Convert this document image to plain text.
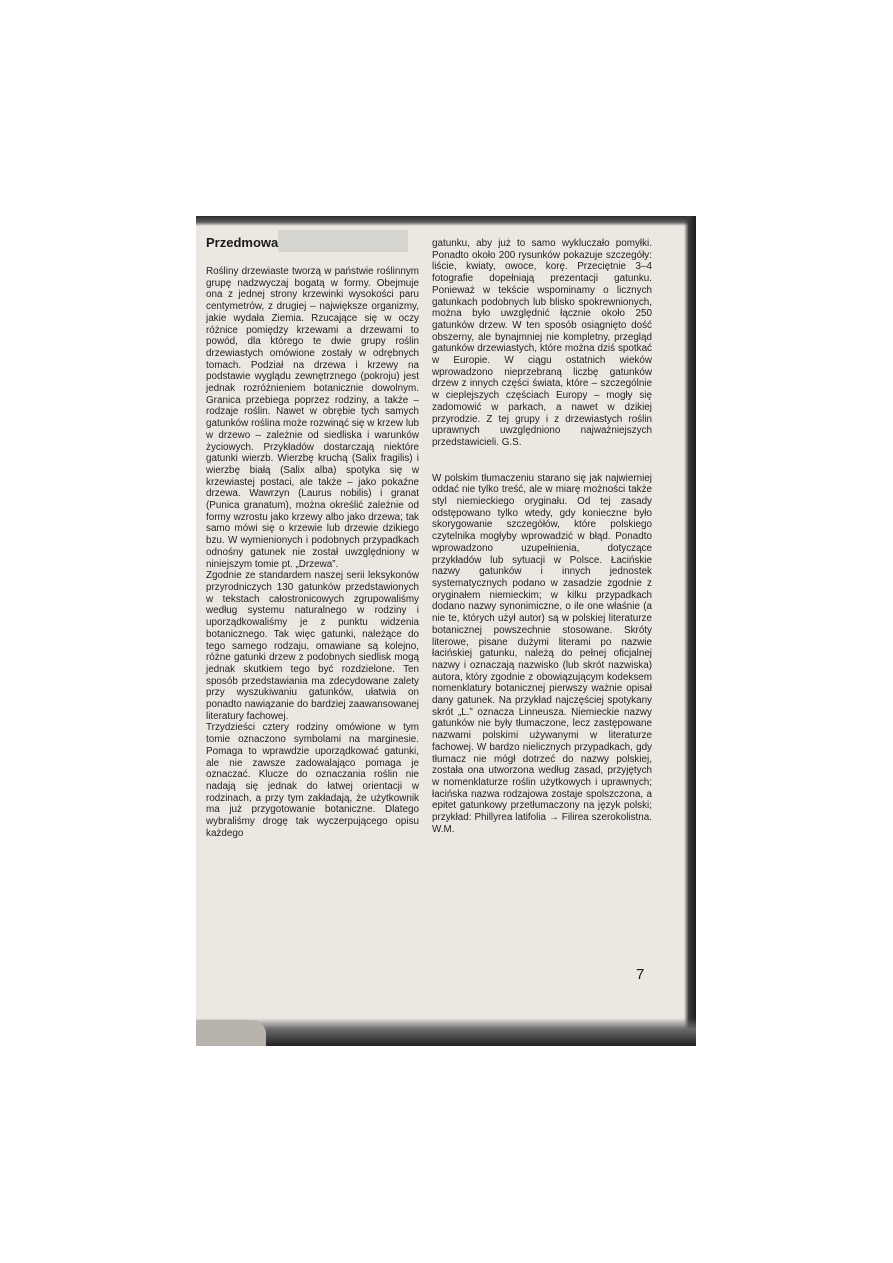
Przedmowa

Rośliny drzewiaste tworzą w państwie roślinnym grupę nadzwyczaj bogatą w formy. Obejmuje ona z jednej strony krzewinki wysokości paru centymetrów, z drugiej – największe organizmy, jakie wydała Ziemia. Rzucające się w oczy różnice pomiędzy krzewami a drzewami to powód, dla którego te dwie grupy roślin drzewiastych omówione zostały w odrębnych tomach. Podział na drzewa i krzewy na podstawie wyglądu zewnętrznego (pokroju) jest jednak rozróżnieniem botanicznie dowolnym. Granica przebiega poprzez rodziny, a także – rodzaje roślin. Nawet w obrębie tych samych gatunków roślina może rozwinąć się w krzew lub w drzewo – zależnie od siedliska i warunków życiowych. Przykładów dostarczają niektóre gatunki wierzb. Wierzbę kruchą (Salix fragilis) i wierzbę białą (Salix alba) spotyka się w krzewiastej postaci, ale także – jako pokaźne drzewa. Wawrzyn (Laurus nobilis) i granat (Punica granatum), można określić zależnie od formy wzrostu jako krzewy albo jako drzewa; tak samo mówi się o krzewie lub drzewie dzikiego bzu. W wymienionych i podobnych przypadkach odnośny gatunek nie został uwzględniony w niniejszym tomie pt. „Drzewa”.

Zgodnie ze standardem naszej serii leksykonów przyrodniczych 130 gatunków przedstawionych w tekstach całostronicowych zgrupowaliśmy według systemu naturalnego w rodziny i uporządkowaliśmy je z punktu widzenia botanicznego. Tak więc gatunki, należące do tego samego rodzaju, omawiane są kolejno, różne gatunki drzew z podobnych siedlisk mogą jednak skutkiem tego być rozdzielone. Ten sposób przedstawiania ma zdecydowane zalety przy wyszukiwaniu gatunków, ułatwia on ponadto nawiązanie do bardziej zaawansowanej literatury fachowej.

Trzydzieści cztery rodziny omówione w tym tomie oznaczono symbolami na marginesie. Pomaga to wprawdzie uporządkować gatunki, ale nie zawsze zadowalająco pomaga je oznaczać. Klucze do oznaczania roślin nie nadają się jednak do łatwej orientacji w rodzinach, a przy tym zakładają, że użytkownik ma już przygotowanie botaniczne. Dlatego wybraliśmy drogę tak wyczerpującego opisu każdego

gatunku, aby już to samo wykluczało pomyłki. Ponadto około 200 rysunków pokazuje szczegóły: liście, kwiaty, owoce, korę. Przeciętnie 3–4 fotografie dopełniają prezentacji gatunku. Ponieważ w tekście wspominamy o licznych gatunkach podobnych lub blisko spokrewnionych, można było uwzględnić łącznie około 250 gatunków drzew. W ten sposób osiągnięto dość obszerny, ale bynajmniej nie kompletny, przegląd gatunków drzewiastych, które można dziś spotkać w Europie. W ciągu ostatnich wieków wprowadzono nieprzebraną liczbę gatunków drzew z innych części świata, które – szczególnie w cieplejszych częściach Europy – mogły się zadomowić w parkach, a nawet w dzikiej przyrodzie. Z tej grupy i z drzewiastych roślin uprawnych uwzględniono najważniejszych przedstawicieli. G.S.

W polskim tłumaczeniu starano się jak najwierniej oddać nie tylko treść, ale w miarę możności także styl niemieckiego oryginału. Od tej zasady odstępowano tylko wtedy, gdy konieczne było skorygowanie szczegółów, które polskiego czytelnika mogłyby wprowadzić w błąd. Ponadto wprowadzono uzupełnienia, dotyczące przykładów lub sytuacji w Polsce. Łacińskie nazwy gatunków i innych jednostek systematycznych podano w zasadzie zgodnie z oryginałem niemieckim; w kilku przypadkach dodano nazwy synonimiczne, o ile one właśnie (a nie te, których użył autor) są w polskiej literaturze botanicznej powszechnie stosowane. Skróty literowe, pisane dużymi literami po nazwie łacińskiej gatunku, należą do pełnej oficjalnej nazwy i oznaczają nazwisko (lub skrót nazwiska) autora, który zgodnie z obowiązującym kodeksem nomenklatury botanicznej pierwszy ważnie opisał dany gatunek. Na przykład najczęściej spotykany skrót „L.” oznacza Linneusza. Niemieckie nazwy gatunków nie były tłumaczone, lecz zastępowane nazwami polskimi używanymi w literaturze fachowej. W bardzo nielicznych przypadkach, gdy tłumacz nie mógł dotrzeć do nazwy polskiej, została ona utworzona według zasad, przyjętych w nomenklaturze roślin użytkowych i uprawnych; łacińska nazwa rodzajowa zostaje spolszczona, a epitet gatunkowy przetłumaczony na język polski; przykład: Phillyrea latifolia → Filirea szerokolistna. W.M.

7
